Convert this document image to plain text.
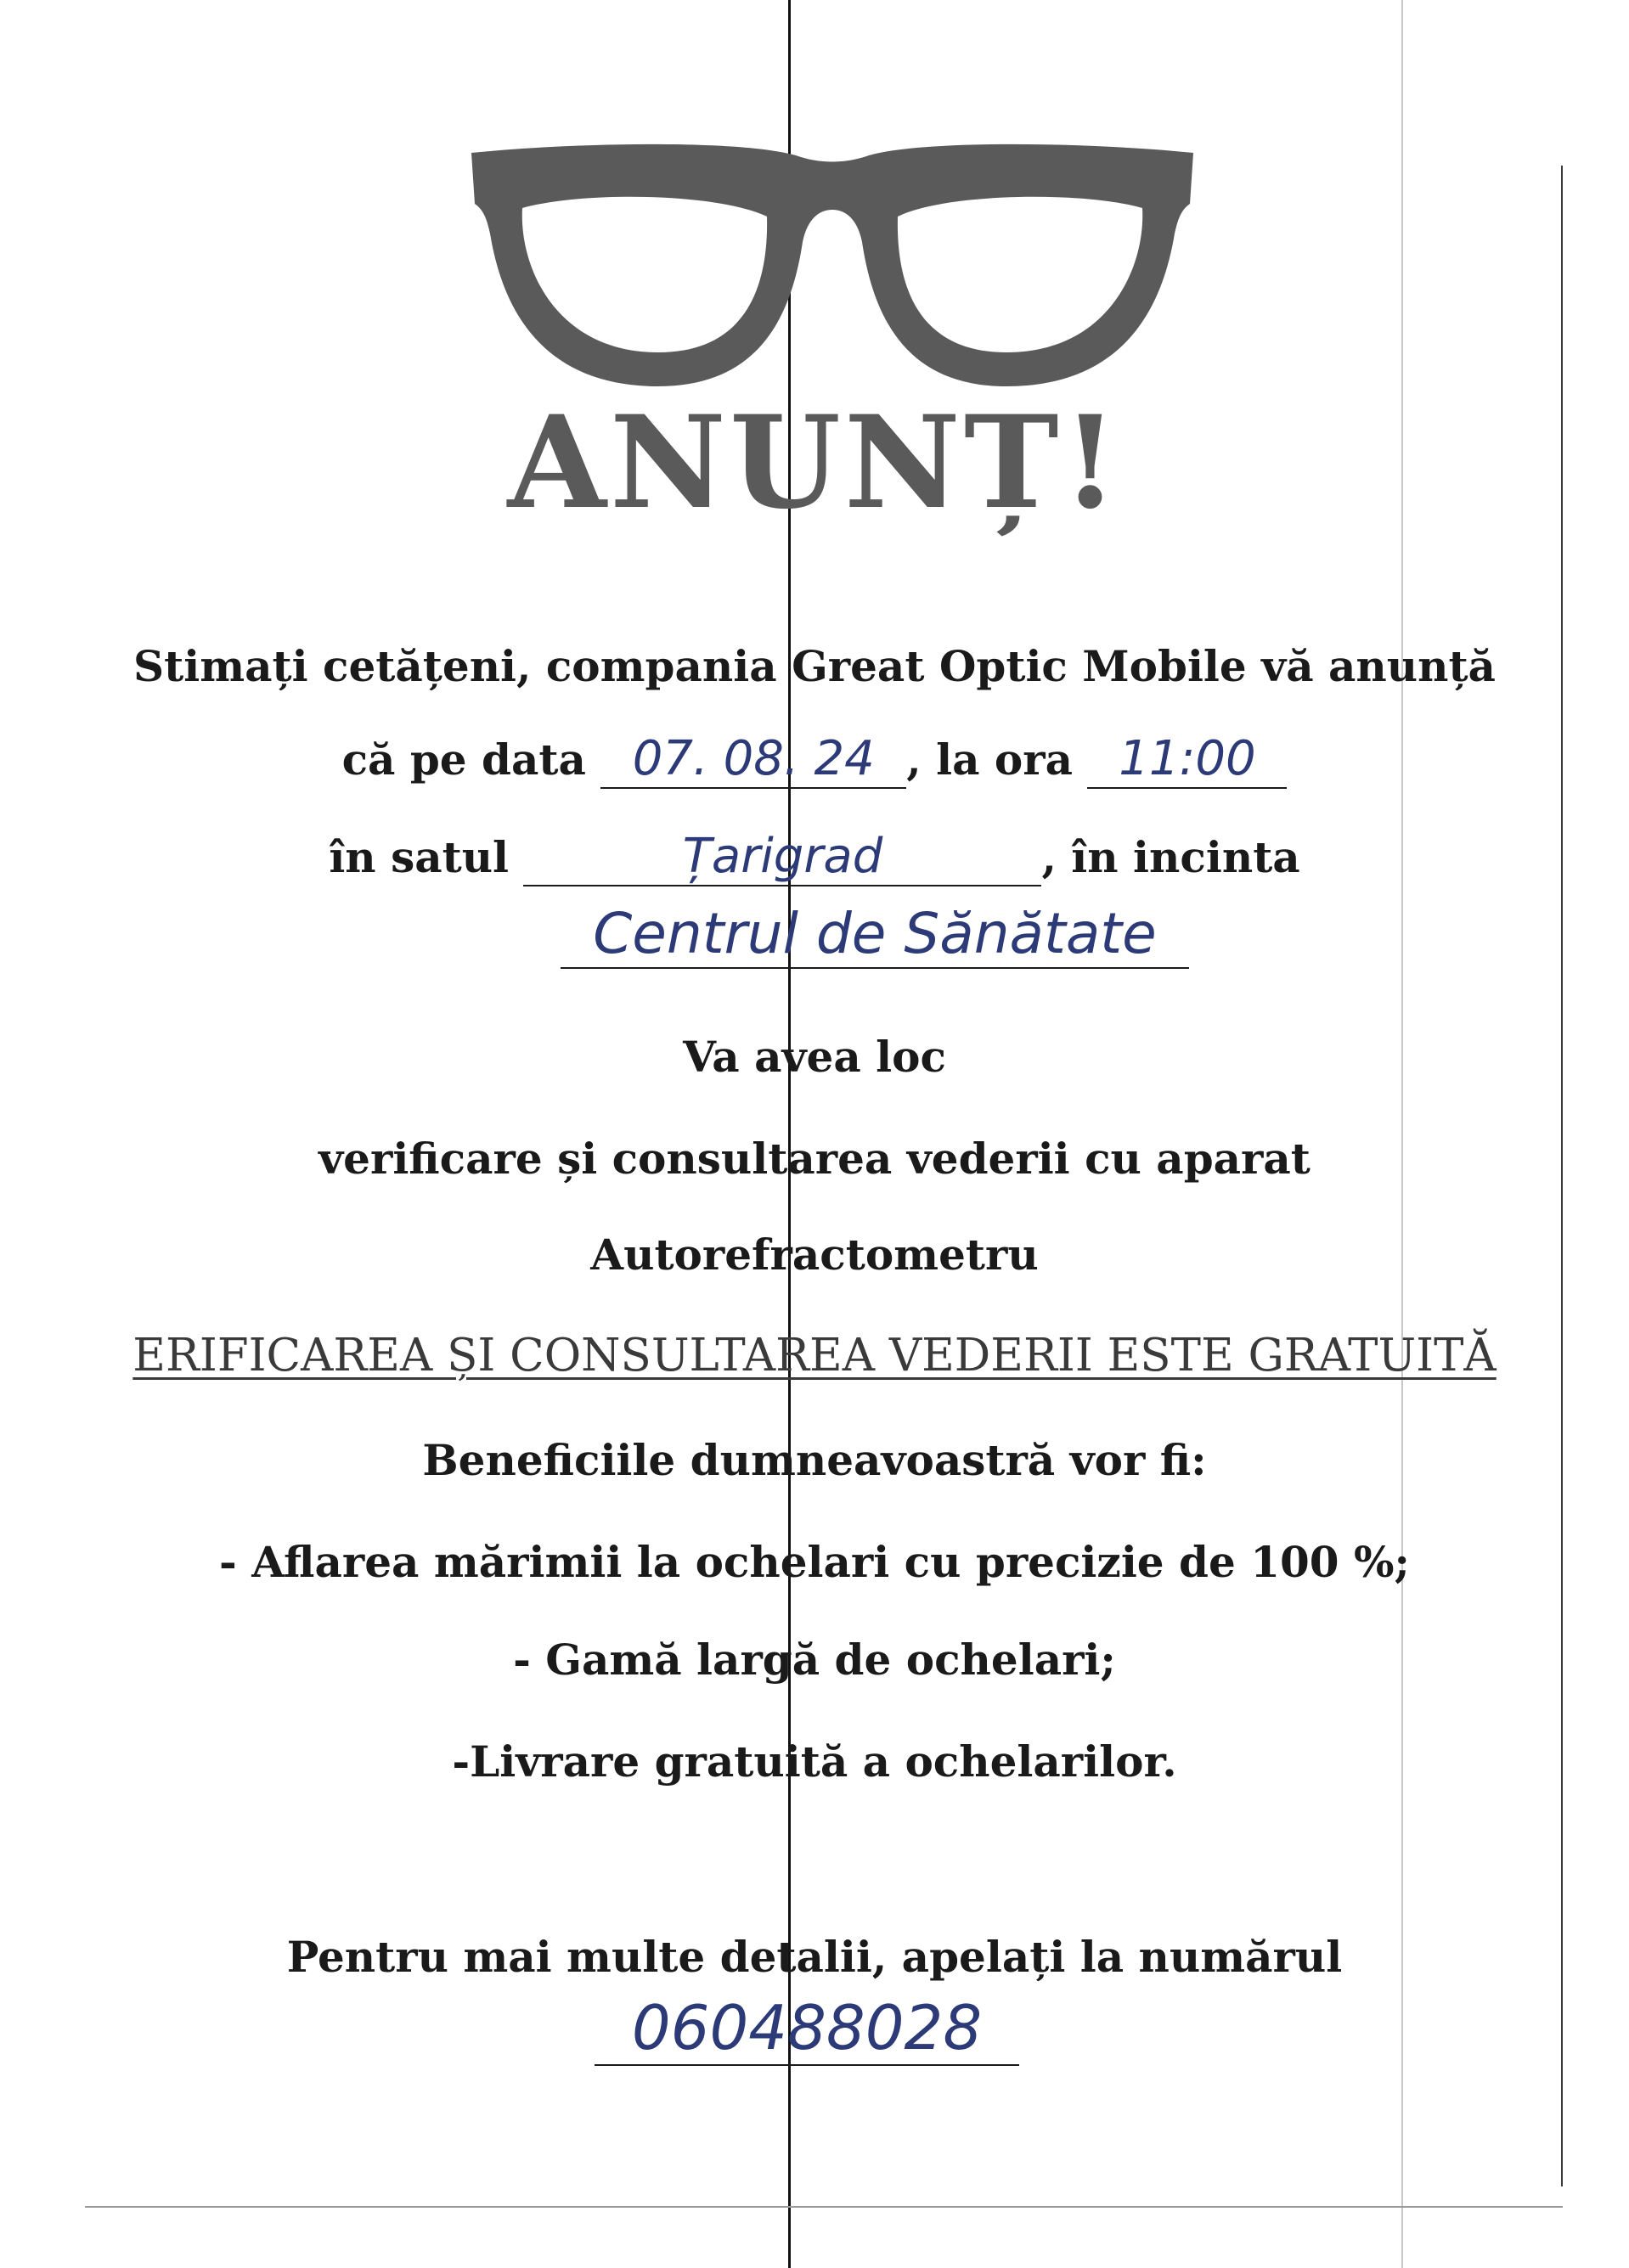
ANUNȚ!
Stimați cetățeni, compania Great Optic Mobile vă anunță
că pe data 07. 08. 24 , la ora 11:00
în satul	Țarigrad	, în incinta
Centrul de Sănătate
Va avea loc
verificare și consultarea vederii cu aparat
Autorefractometru
ERIFICAREA ȘI CONSULTAREA VEDERII ESTE GRATUITĂ
Beneficiile dumneavoastră vor fi:
- Aflarea mărimii la ochelari cu precizie de 100 %;
- Gamă largă de ochelari;
-Livrare gratuită a ochelarilor.
Pentru mai multe detalii, apelați la numărul
060488028
